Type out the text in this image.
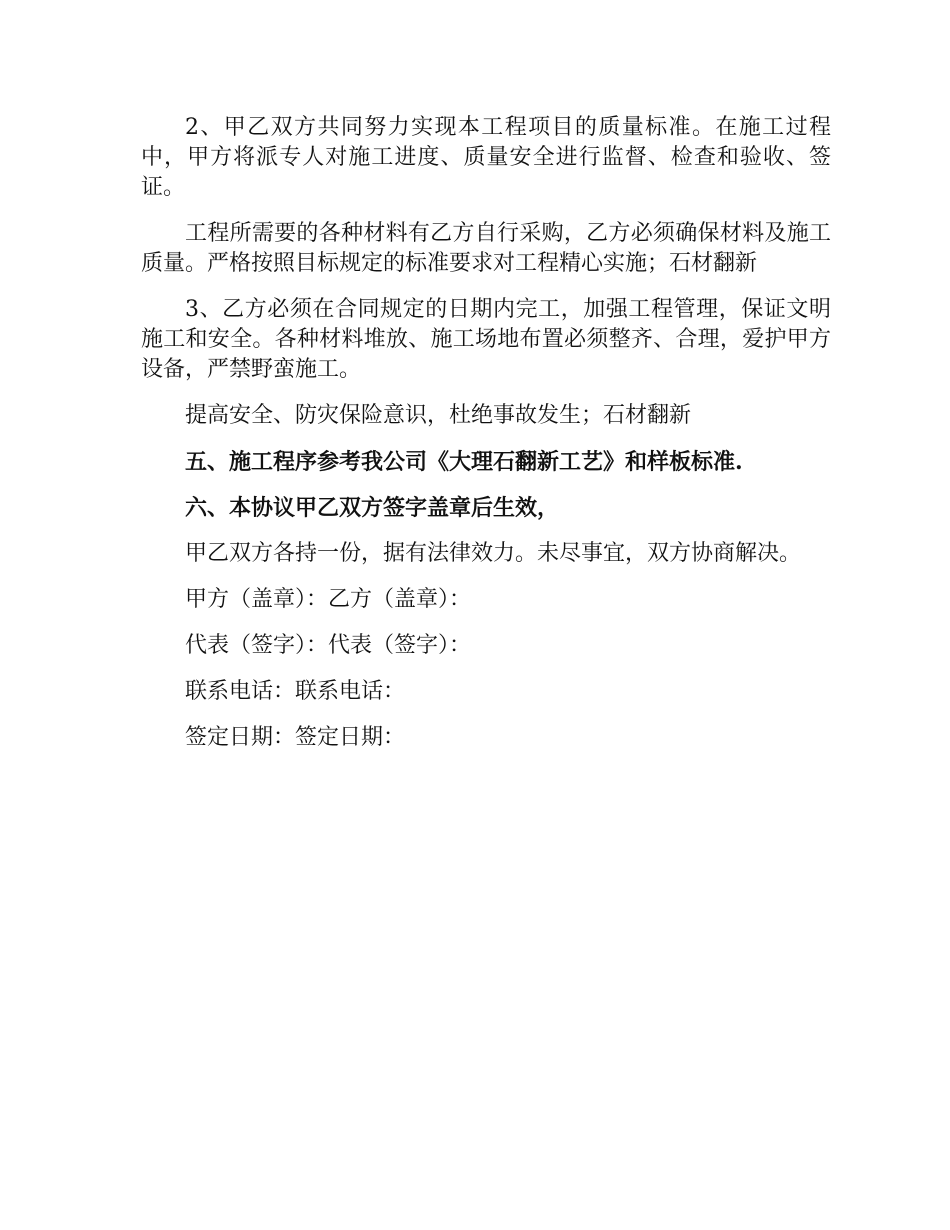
2、甲乙双方共同努力实现本工程项目的质量标准。在施工过程中，甲方将派专人对施工进度、质量安全进行监督、检查和验收、签证。

工程所需要的各种材料有乙方自行采购，乙方必须确保材料及施工质量。严格按照目标规定的标准要求对工程精心实施；石材翻新

3、乙方必须在合同规定的日期内完工，加强工程管理，保证文明施工和安全。各种材料堆放、施工场地布置必须整齐、合理，爱护甲方设备，严禁野蛮施工。

提高安全、防灾保险意识，杜绝事故发生；石材翻新

五、施工程序参考我公司《大理石翻新工艺》和样板标准.

六、本协议甲乙双方签字盖章后生效，

甲乙双方各持一份，据有法律效力。未尽事宜，双方协商解决。

甲方（盖章）：乙方（盖章）：

代表（签字）：代表（签字）：

联系电话：联系电话：

签定日期：签定日期：
